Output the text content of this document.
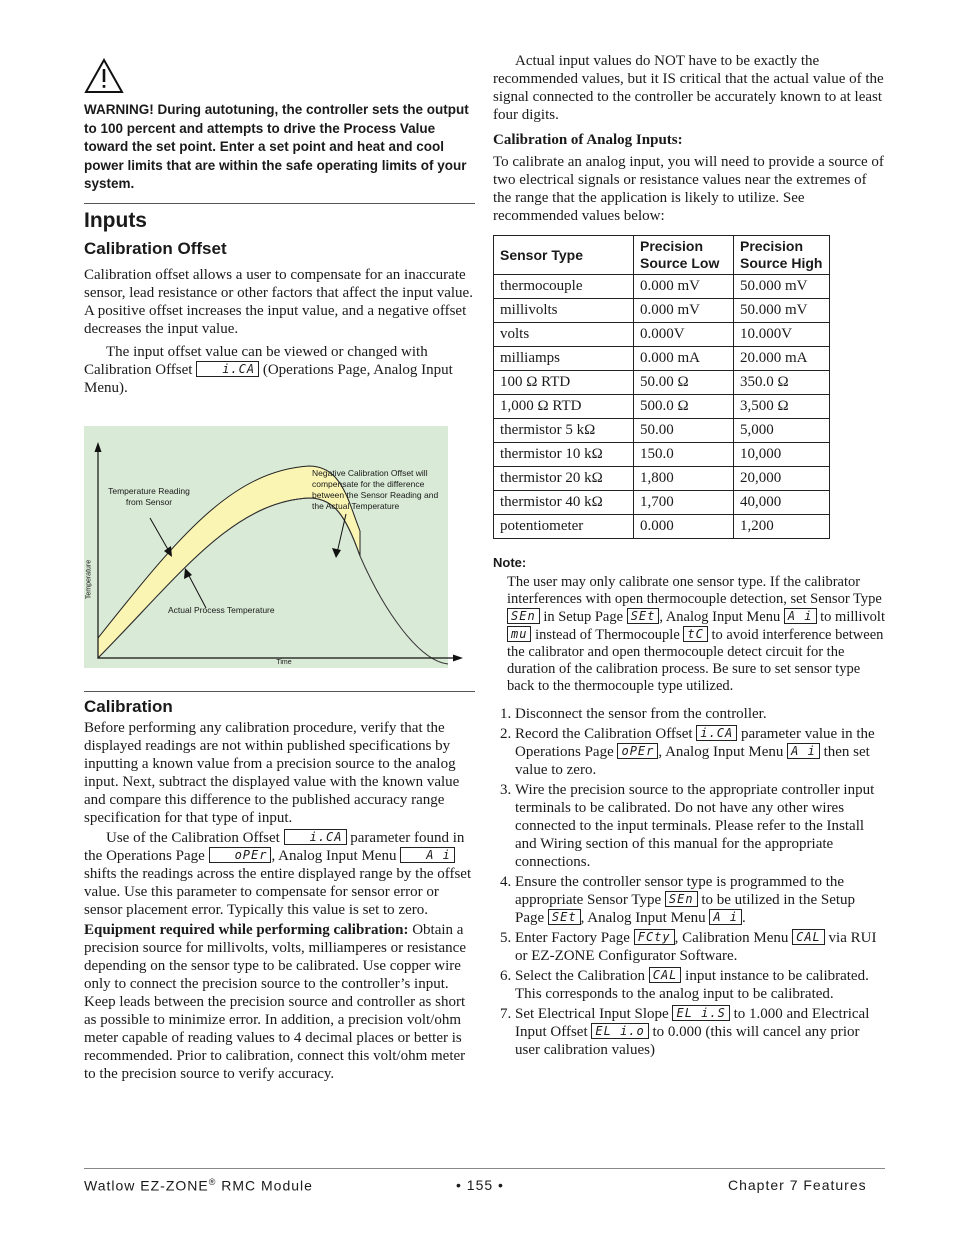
WARNING! During autotuning, the controller sets the output to 100 percent and attempts to drive the Process Value toward the set point. Enter a set point and heat and cool power limits that are within the safe operating limits of your system.
Inputs
Calibration Offset

Calibration offset allows a user to compensate for an inaccurate sensor, lead resistance or other factors that affect the input value. A positive offset increases the input value, and a negative offset decreases the input value.

The input offset value can be viewed or changed with Calibration Offset i.CA (Operations Page, Analog Input Menu).

Temperature Reading from Sensor
Negative Calibration Offset will compensate for the difference between the Sensor Reading and the Actual Temperature
Actual Process Temperature
Temperature
Time
Calibration

Before performing any calibration procedure, verify that the displayed readings are not within published specifications by inputting a known value from a precision source to the analog input. Next, subtract the displayed value with the known value and compare this difference to the published accuracy range specification for that type of input.

Use of the Calibration Offset i.CA parameter found in the Operations Page oPEr , Analog Input Menu A i shifts the readings across the entire displayed range by the offset value. Use this parameter to compensate for sensor error or sensor placement error. Typically this value is set to zero.

Equipment required while performing calibration: Obtain a precision source for millivolts, volts, milliamperes or resistance depending on the sensor type to be calibrated. Use copper wire only to connect the precision source to the controller’s input. Keep leads between the precision source and controller as short as possible to minimize error. In addition, a precision volt/ohm meter capable of reading values to 4 decimal places or better is recommended. Prior to calibration, connect this volt/ohm meter to the precision source to verify accuracy.

Actual input values do NOT have to be exactly the recommended values, but it IS critical that the actual value of the signal connected to the controller be accurately known to at least four digits.

Calibration of Analog Inputs:

To calibrate an analog input, you will need to provide a source of two electrical signals or resistance values near the extremes of the range that the application is likely to utilize. See recommended values below:

Sensor Type	Precision Source Low	Precision Source High
thermocouple	0.000 mV	50.000 mV
millivolts	0.000 mV	50.000 mV
volts	0.000V	10.000V
milliamps	0.000 mA	20.000 mA
100 Ω RTD	50.00 Ω	350.0 Ω
1,000 Ω RTD	500.0 Ω	3,500 Ω
thermistor 5 kΩ	50.00	5,000
thermistor 10 kΩ	150.0	10,000
thermistor 20 kΩ	1,800	20,000
thermistor 40 kΩ	1,700	40,000
potentiometer	0.000	1,200
Note:

The user may only calibrate one sensor type. If the calibrator interferences with open thermocouple detection, set Sensor Type SEn in Setup Page SEt , Analog Input Menu A i to millivolt mu instead of Thermocouple tC to avoid interference between the calibrator and open thermocouple detect circuit for the duration of the calibration process. Be sure to set sensor type back to the thermocouple type utilized.

1. Disconnect the sensor from the controller.
2. Record the Calibration Offset i.CA parameter value in the Operations Page oPEr , Analog Input Menu A i then set value to zero.
3. Wire the precision source to the appropriate controller input terminals to be calibrated. Do not have any other wires connected to the input terminals. Please refer to the Install and Wiring section of this manual for the appropriate connections.
4. Ensure the controller sensor type is programmed to the appropriate Sensor Type SEn to be utilized in the Setup Page SEt , Analog Input Menu A i .
5. Enter Factory Page FCty , Calibration Menu CAL via RUI or EZ-ZONE Configurator Software.
6. Select the Calibration CAL input instance to be calibrated. This corresponds to the analog input to be calibrated.
7. Set Electrical Input Slope EL i.S to 1.000 and Electrical Input Offset EL i.o to 0.000 (this will cancel any prior user calibration values)
Watlow EZ-ZONE® RMC Module	• 155 •	Chapter 7 Features
